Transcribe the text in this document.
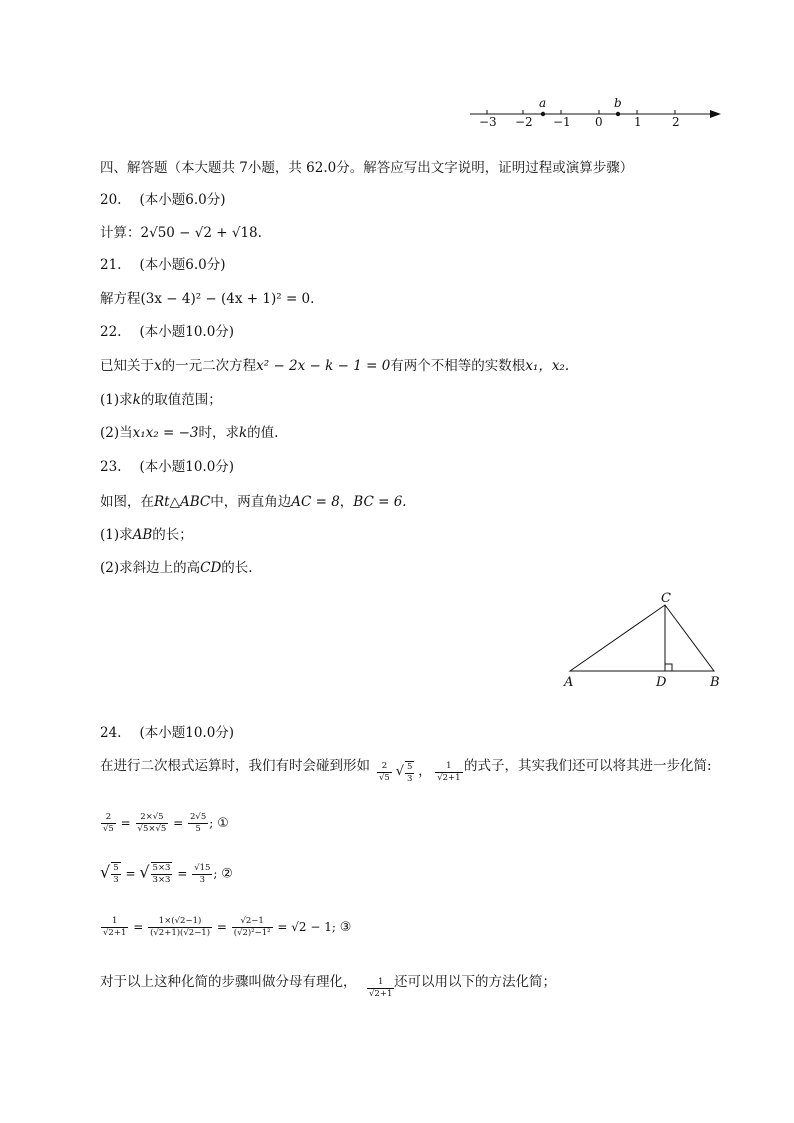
a	b
−3 −2 −1 0	1	2
四、解答题（本大题共 7小题，共 62.0分。解答应写出文字说明，证明过程或演算步骤）
20. (本小题6.0分)
计算：2√50 − √2 + √18.
21. (本小题6.0分)
解方程(3x − 4)² − (4x + 1)² = 0.
22. (本小题10.0分)
已知关于x的一元二次方程x² − 2x − k − 1 = 0有两个不相等的实数根x₁，x₂.
(1)求k的取值范围；
(2)当x₁x₂ = −3时，求k的值.
23. (本小题10.0分)
如图，在Rt△ABC中，两直角边AC = 8，BC = 6.
(1)求AB的长；
(2)求斜边上的高CD的长.
C
A	D	B
24. (本小题10.0分)
在进行二次根式运算时，我们有时会碰到形如 $\frac{2}{√5}$ √ $\frac{5}{3}$ ， $\frac{1}{√2+1}$ 的式子，其实我们还可以将其进一步化简:
$\frac{2}{√5} = \frac{2\times√5}{√5\times√5} = \frac{2√5}{5}$ ; ①
√ $\frac{5}{3}$ = √ $\frac{5\times 3}{3\times 3} = \frac{√15}{3}$ ; ②
$\frac{1}{√2+1} = \frac{1\times(√2-1)}{(√2+1)(√2-1)} = \frac{√2-1}{\text{(√2)²−1²}} = √2 - 1$; ③
对于以上这种化简的步骤叫做分母有理化， $\frac{1}{√2+1}$ 还可以用以下的方法化简；
